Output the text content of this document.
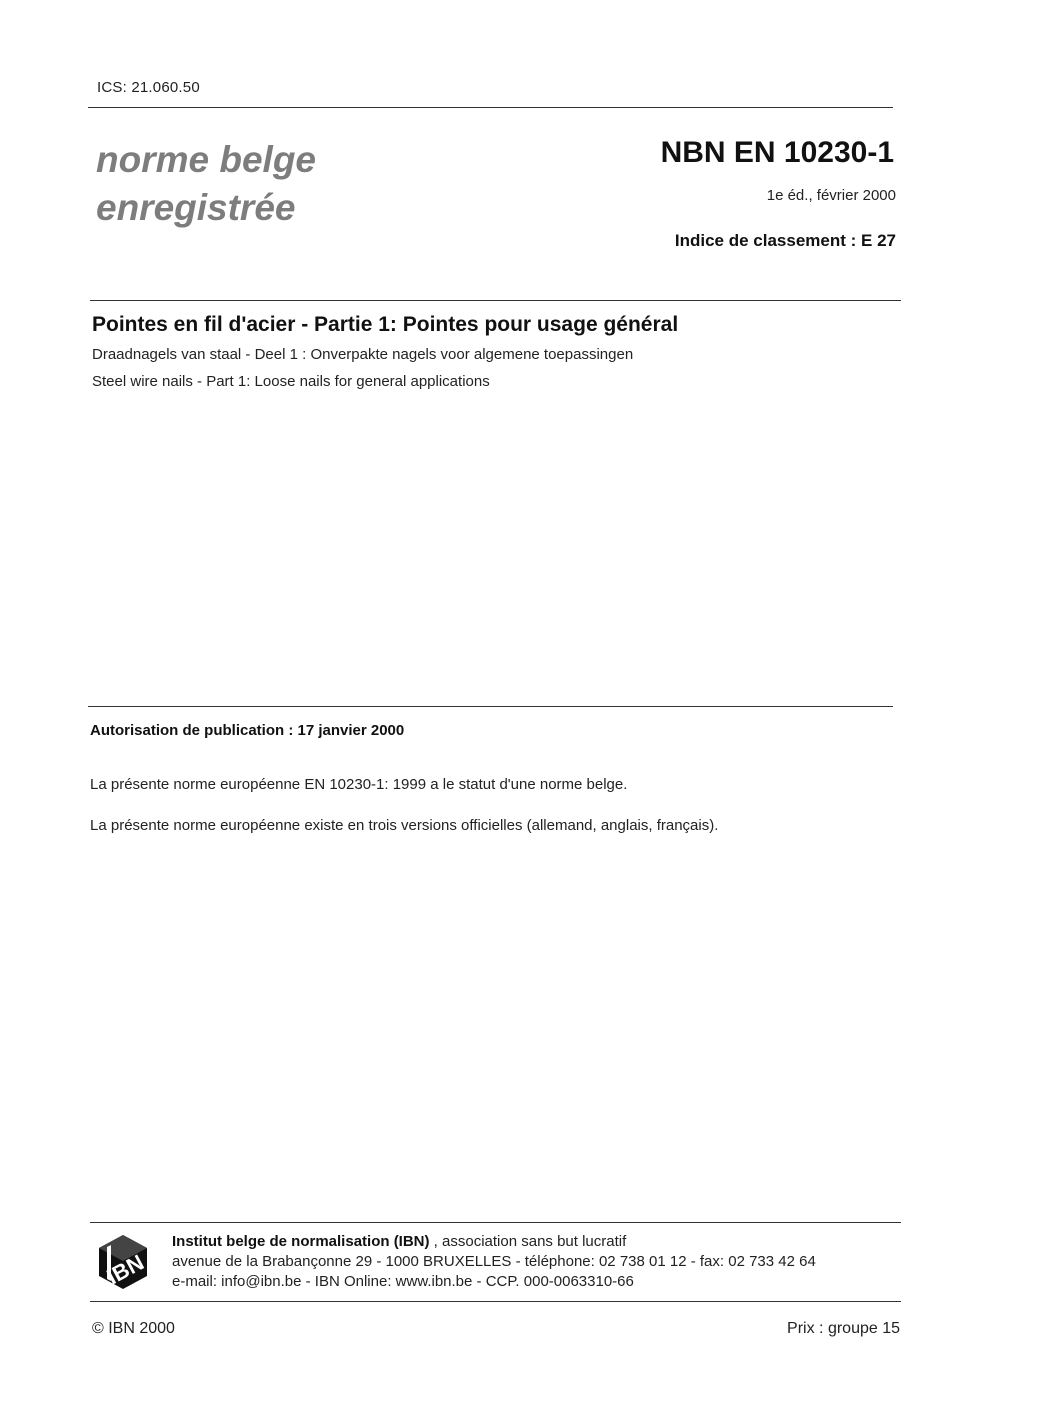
ICS: 21.060.50
norme belge
enregistrée
NBN EN 10230-1
1e éd., février 2000
Indice de classement : E 27
Pointes en fil d'acier - Partie 1: Pointes pour usage général
Draadnagels van staal - Deel 1 : Onverpakte nagels voor algemene toepassingen
Steel wire nails - Part 1: Loose nails for general applications
Autorisation de publication : 17 janvier 2000
La présente norme européenne EN 10230-1: 1999 a le statut d'une norme belge.
La présente norme européenne existe en trois versions officielles (allemand, anglais, français).
IBN
Institut belge de normalisation (IBN) , association sans but lucratif
avenue de la Brabançonne 29 - 1000 BRUXELLES - téléphone: 02 738 01 12 - fax: 02 733 42 64
e-mail: info@ibn.be - IBN Online: www.ibn.be - CCP. 000-0063310-66
© IBN 2000	Prix : groupe 15
